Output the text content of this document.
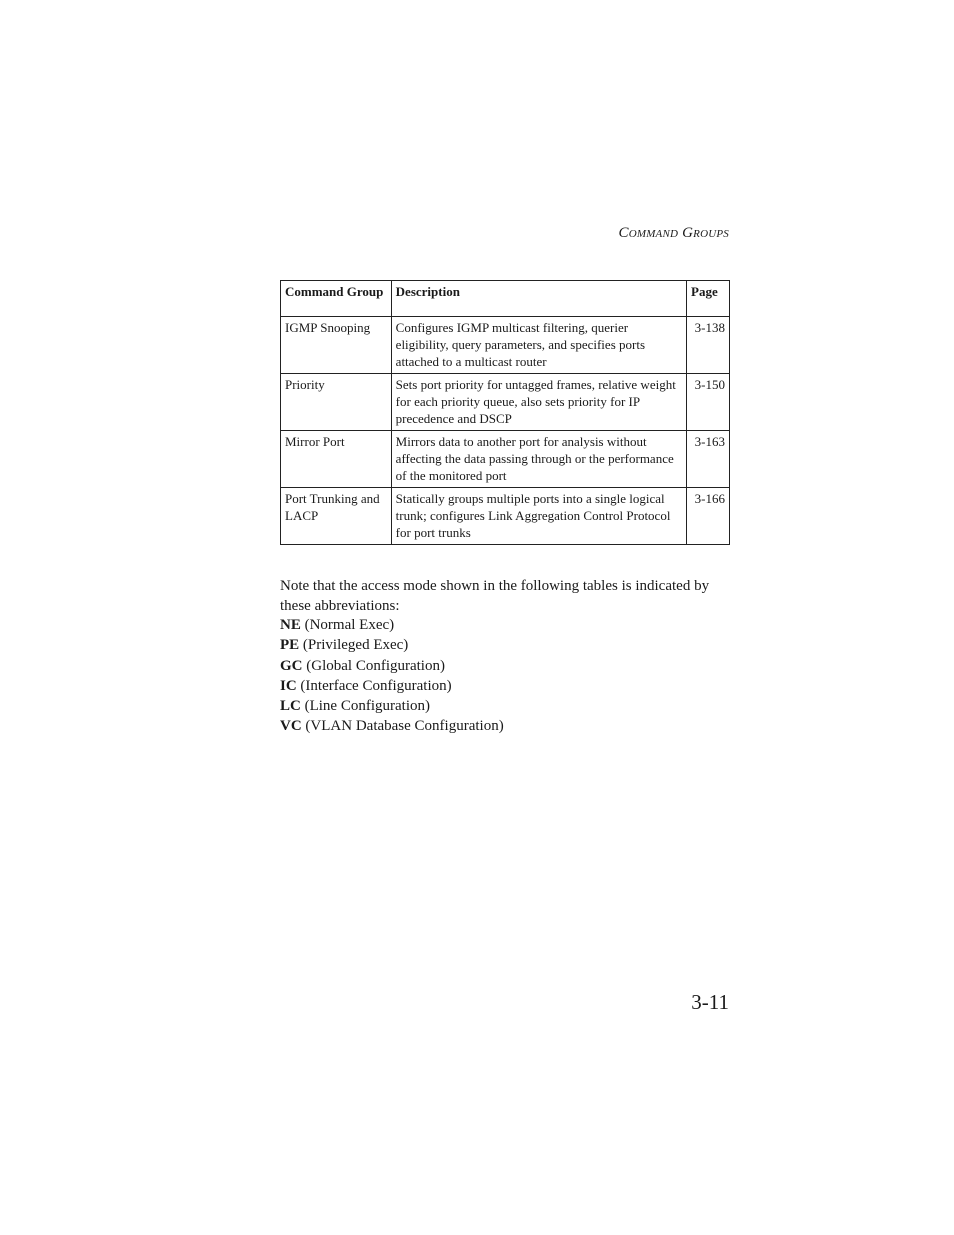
COMMAND GROUPS
Command Group	Description	Page
IGMP Snooping	Configures IGMP multicast filtering, querier eligibility, query parameters, and specifies ports attached to a multicast router	3-138
Priority	Sets port priority for untagged frames, relative weight for each priority queue, also sets priority for IP precedence and DSCP	3-150
Mirror Port	Mirrors data to another port for analysis without affecting the data passing through or the performance of the monitored port	3-163
Port Trunking and LACP	Statically groups multiple ports into a single logical trunk; configures Link Aggregation Control Protocol for port trunks	3-166

Note that the access mode shown in the following tables is indicated by these abbreviations:

NE (Normal Exec)
PE (Privileged Exec)
GC (Global Configuration)
IC (Interface Configuration)
LC (Line Configuration)
VC (VLAN Database Configuration)
3-11
